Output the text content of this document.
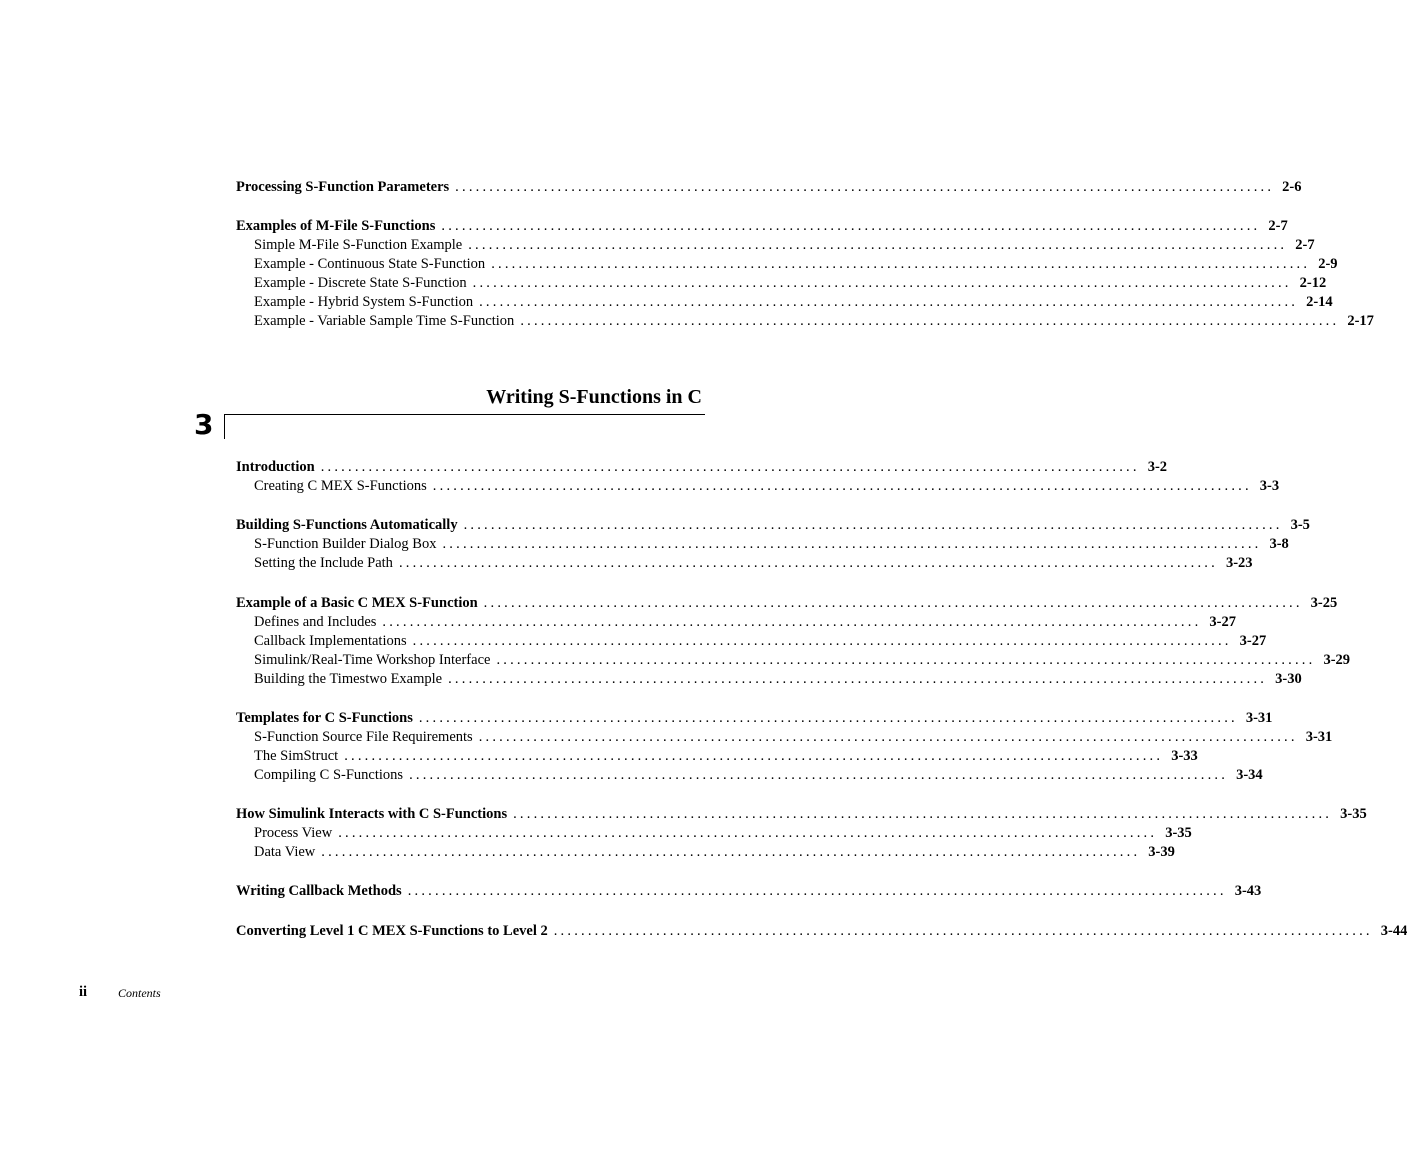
Processing S-Function Parameters ........................................................................................................................ 2-6
Examples of M-File S-Functions ........................................................................................................................ 2-7
Simple M-File S-Function Example ........................................................................................................................ 2-7
Example - Continuous State S-Function ........................................................................................................................ 2-9
Example - Discrete State S-Function ........................................................................................................................ 2-12
Example - Hybrid System S-Function ........................................................................................................................ 2-14
Example - Variable Sample Time S-Function ........................................................................................................................ 2-17
Writing S-Functions in C
3
Introduction ........................................................................................................................ 3-2
Creating C MEX S-Functions ........................................................................................................................ 3-3
Building S-Functions Automatically ........................................................................................................................ 3-5
S-Function Builder Dialog Box ........................................................................................................................ 3-8
Setting the Include Path ........................................................................................................................ 3-23
Example of a Basic C MEX S-Function ........................................................................................................................ 3-25
Defines and Includes ........................................................................................................................ 3-27
Callback Implementations ........................................................................................................................ 3-27
Simulink/Real-Time Workshop Interface ........................................................................................................................ 3-29
Building the Timestwo Example ........................................................................................................................ 3-30
Templates for C S-Functions ........................................................................................................................ 3-31
S-Function Source File Requirements ........................................................................................................................ 3-31
The SimStruct ........................................................................................................................ 3-33
Compiling C S-Functions ........................................................................................................................ 3-34
How Simulink Interacts with C S-Functions ........................................................................................................................ 3-35
Process View ........................................................................................................................ 3-35
Data View ........................................................................................................................ 3-39
Writing Callback Methods ........................................................................................................................ 3-43
Converting Level 1 C MEX S-Functions to Level 2 ........................................................................................................................ 3-44
ii	Contents
